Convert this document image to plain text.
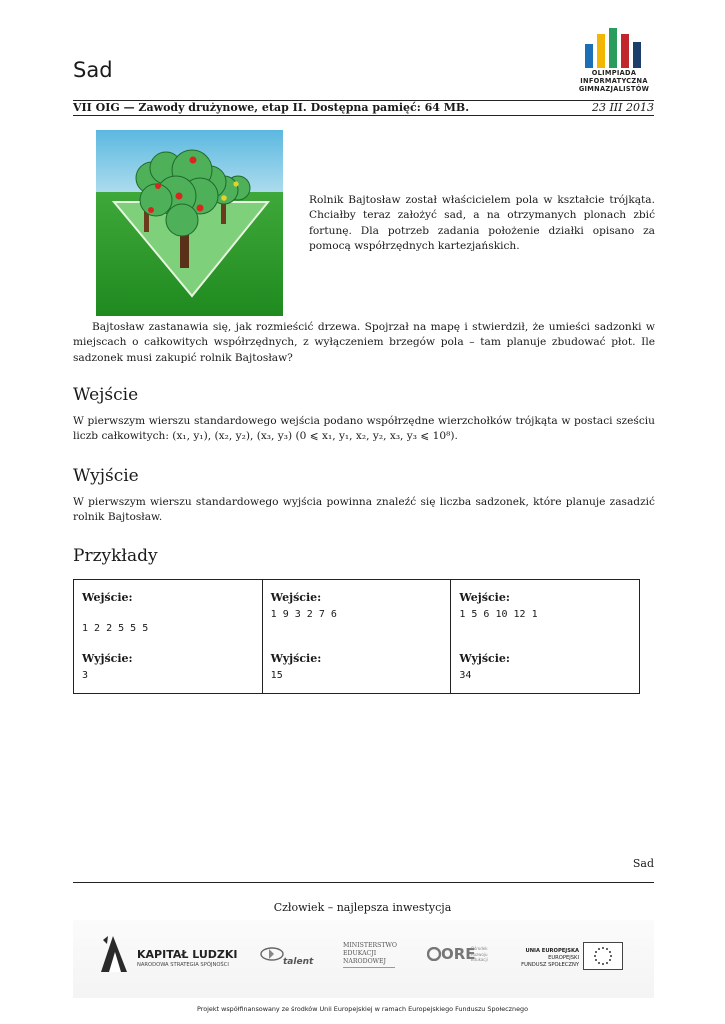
Sad	OLIMPIADA
INFORMATYCZNA
GIMNAZJALISTÓW
VII OIG — Zawody drużynowe, etap II. Dostępna pamięć: 64 MB.	23 III 2013
Rolnik Bajtosław został właścicielem pola w kształcie trójkąta. Chciałby teraz założyć sad, a na otrzymanych plonach zbić fortunę. Dla potrzeb zadania położenie działki opisano za pomocą współrzędnych kartezjańskich.
Bajtosław zastanawia się, jak rozmieścić drzewa. Spojrzał na mapę i stwierdził, że umieści sadzonki w miejscach o całkowitych współrzędnych, z wyłączeniem brzegów pola – tam planuje zbudować płot. Ile sadzonek musi zakupić rolnik Bajtosław?
Wejście
W pierwszym wierszu standardowego wejścia podano współrzędne wierzchołków trójkąta w postaci sześciu liczb całkowitych: (x₁, y₁), (x₂, y₂), (x₃, y₃) (0 ⩽ x₁, y₁, x₂, y₂, x₃, y₃ ⩽ 10⁸).
Wyjście
W pierwszym wierszu standardowego wyjścia powinna znaleźć się liczba sadzonek, które planuje zasadzić rolnik Bajtosław.
Przykłady
Wejście:
1 2 2 5 5 5
Wyjście:
3
Wejście:
1 9 3 2 7 6
Wyjście:
15
Wejście:
1 5 6 10 12 1
Wyjście:
34
Sad
Człowiek – najlepsza inwestycja
KAPITAŁ LUDZKI
NARODOWA STRATEGIA SPÓJNOŚCI	talent
MINISTERSTWO
EDUKACJI
NARODOWEJ	ORE
Ośrodek
Rozwoju
Edukacji
UNIA EUROPEJSKA
EUROPEJSKI
FUNDUSZ SPOŁECZNY
Projekt współfinansowany ze środków Unii Europejskiej w ramach Europejskiego Funduszu Społecznego
